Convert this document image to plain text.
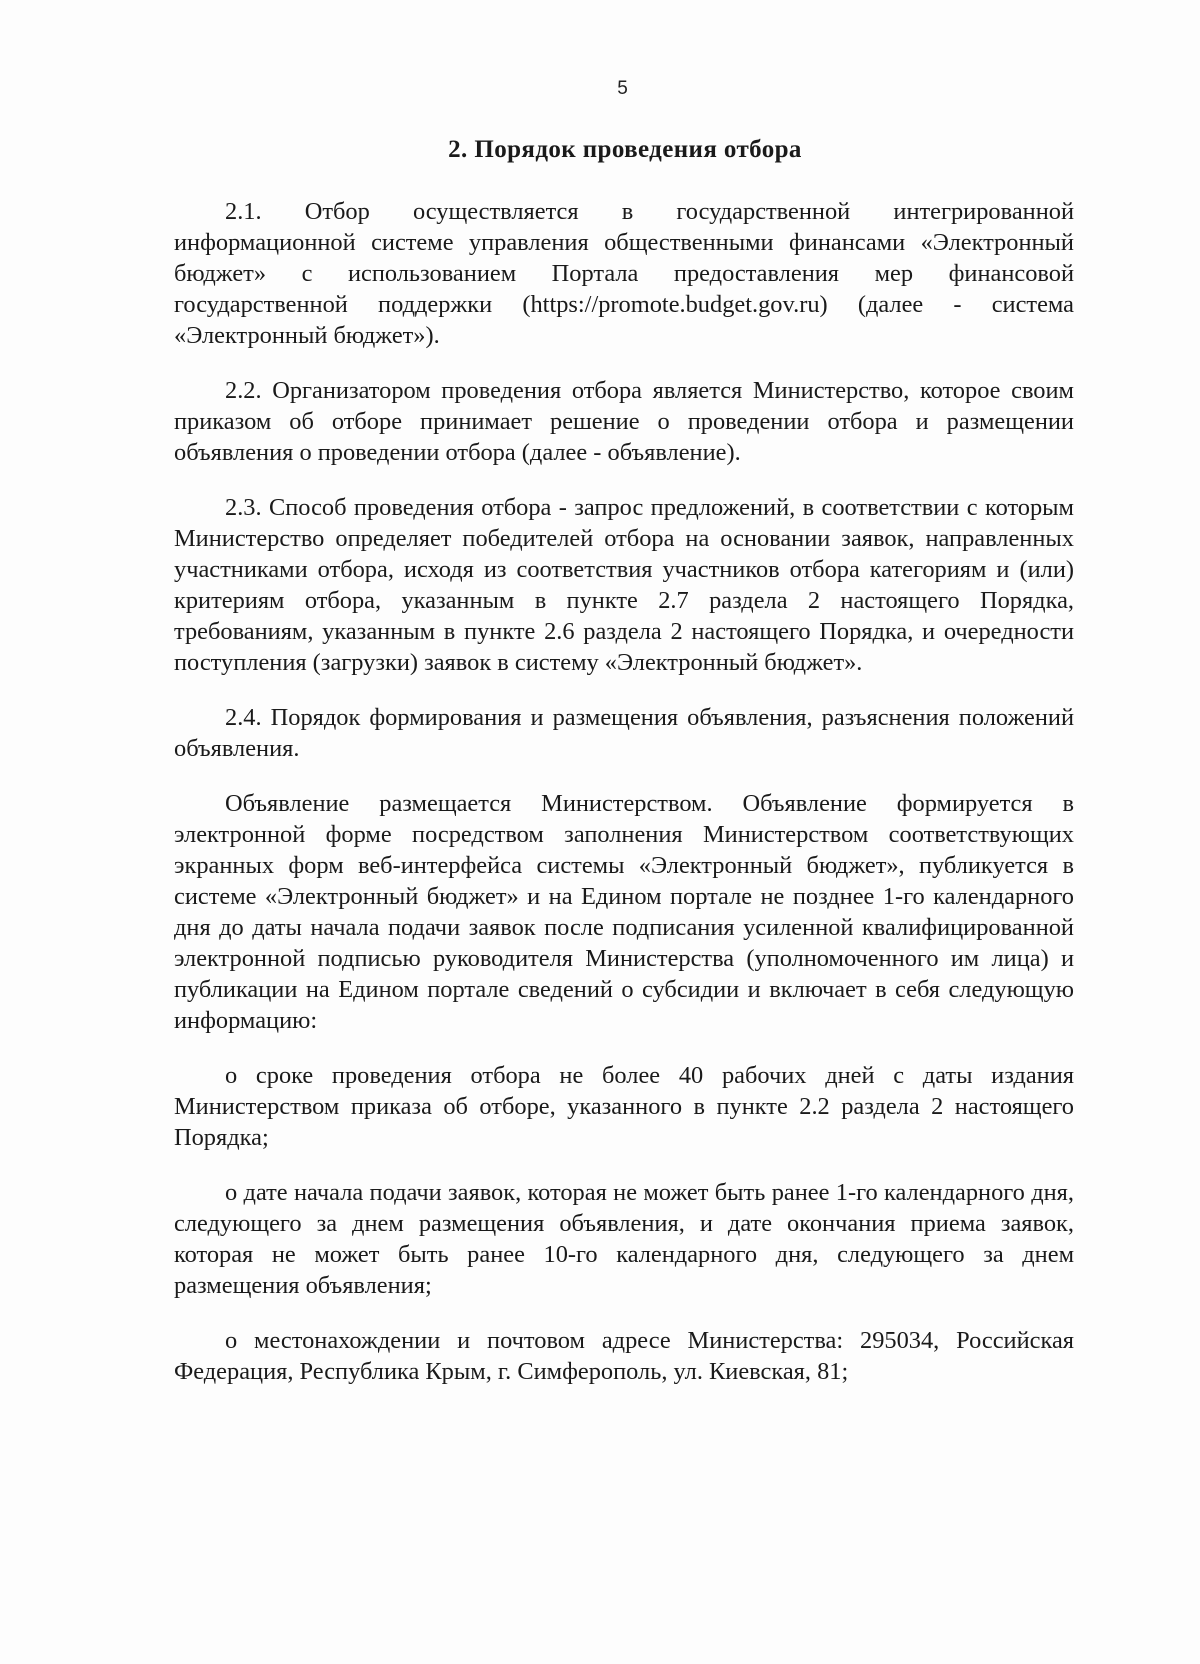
5
2. Порядок проведения отбора

2.1. Отбор осуществляется в государственной интегрированной информационной системе управления общественными финансами «Электронный бюджет» с использованием Портала предоставления мер финансовой государственной поддержки (https://promote.budget.gov.ru) (далее - система «Электронный бюджет»).

2.2. Организатором проведения отбора является Министерство, которое своим приказом об отборе принимает решение о проведении отбора и размещении объявления о проведении отбора (далее - объявление).

2.3. Способ проведения отбора - запрос предложений, в соответствии с которым Министерство определяет победителей отбора на основании заявок, направленных участниками отбора, исходя из соответствия участников отбора категориям и (или) критериям отбора, указанным в пункте 2.7 раздела 2 настоящего Порядка, требованиям, указанным в пункте 2.6 раздела 2 настоящего Порядка, и очередности поступления (загрузки) заявок в систему «Электронный бюджет».

2.4. Порядок формирования и размещения объявления, разъяснения положений объявления.

Объявление размещается Министерством. Объявление формируется в электронной форме посредством заполнения Министерством соответствующих экранных форм веб-интерфейса системы «Электронный бюджет», публикуется в системе «Электронный бюджет» и на Едином портале не позднее 1-го календарного дня до даты начала подачи заявок после подписания усиленной квалифицированной электронной подписью руководителя Министерства (уполномоченного им лица) и публикации на Едином портале сведений о субсидии и включает в себя следующую информацию:

о сроке проведения отбора не более 40 рабочих дней с даты издания Министерством приказа об отборе, указанного в пункте 2.2 раздела 2 настоящего Порядка;

о дате начала подачи заявок, которая не может быть ранее 1-го календарного дня, следующего за днем размещения объявления, и дате окончания приема заявок, которая не может быть ранее 10-го календарного дня, следующего за днем размещения объявления;

о местонахождении и почтовом адресе Министерства: 295034, Российская Федерация, Республика Крым, г. Симферополь, ул. Киевская, 81;
